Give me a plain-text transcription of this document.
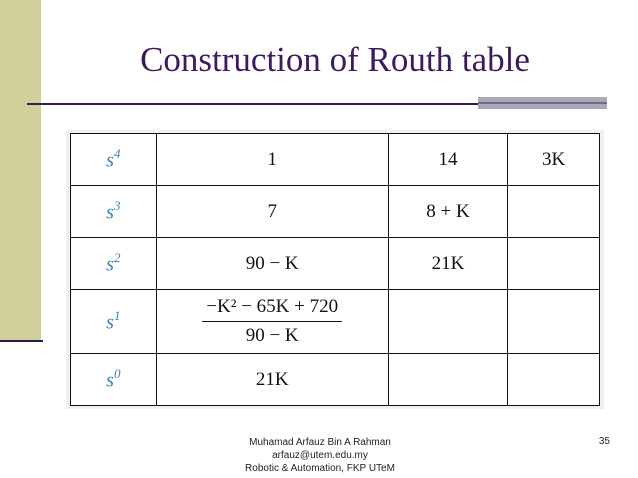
Construction of Routh table
$s^4$	1	14	3K
$s^3$	7	8 + K	
$s^2$	90 − K	21K	
$s^1$	$\frac{\text{−K² − 65K + 720}}{90 - K}$

$s^0$	21K		
Muhamad Arfauz Bin A Rahman
arfauz@utem.edu.my
Robotic & Automation, FKP UTeM
35
